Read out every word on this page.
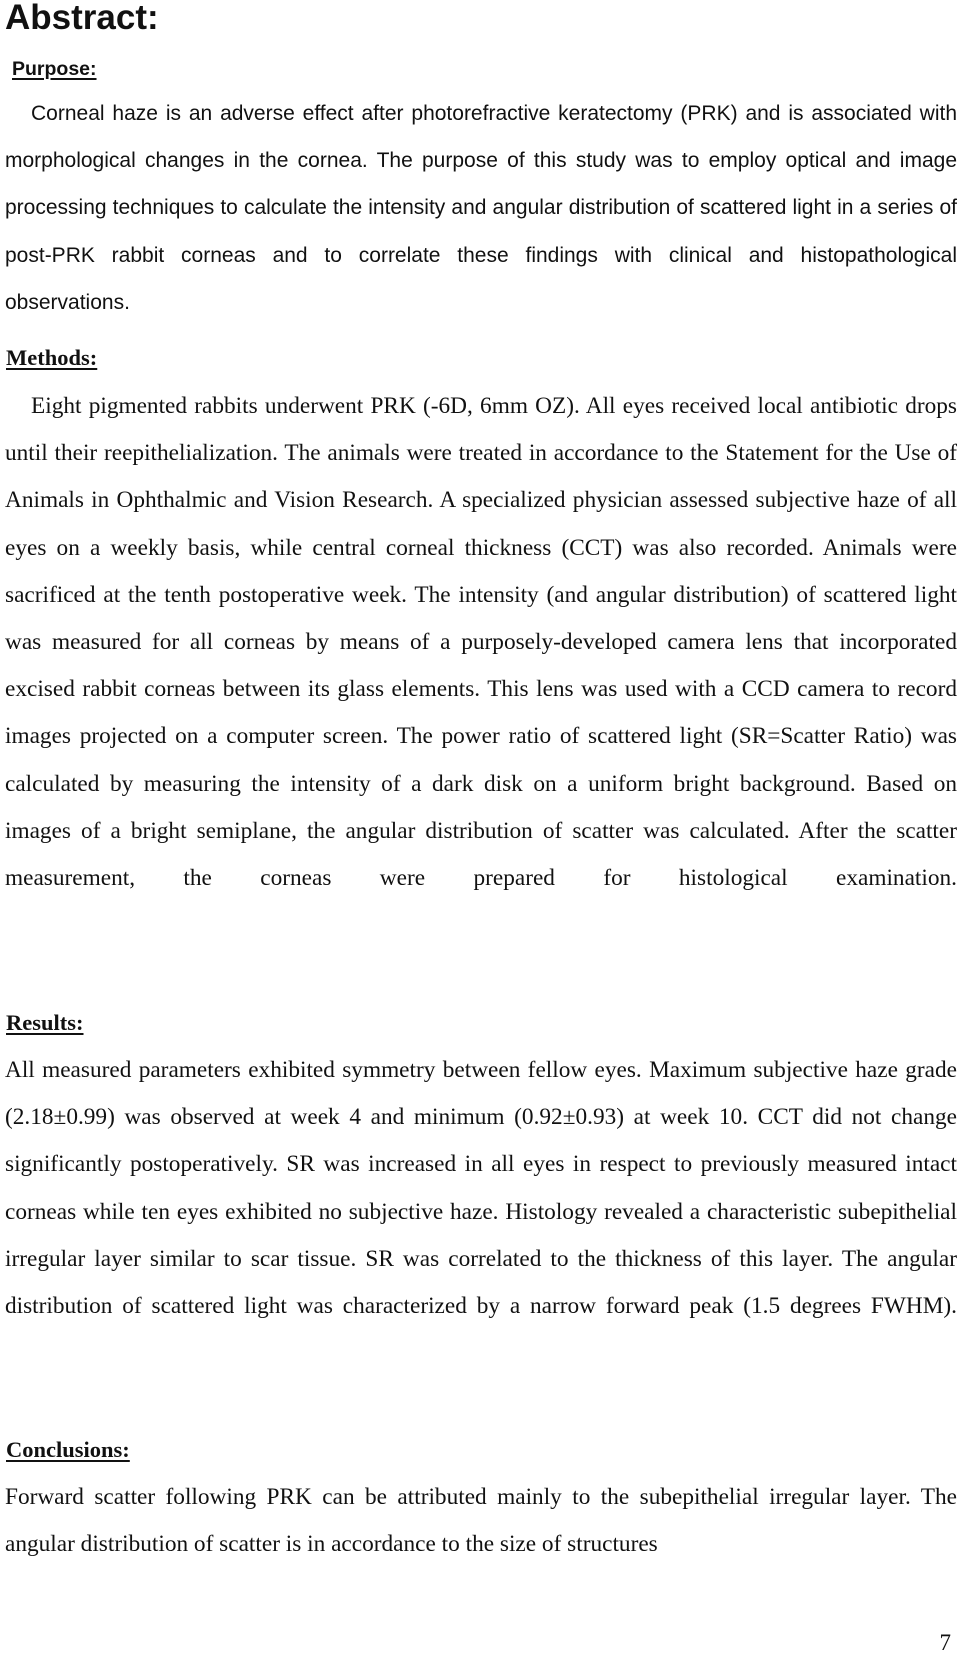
Abstract:
Purpose:

Corneal haze is an adverse effect after photorefractive keratectomy (PRK) and is associated with morphological changes in the cornea. The purpose of this study was to employ optical and image processing techniques to calculate the intensity and angular distribution of scattered light in a series of post-PRK rabbit corneas and to correlate these findings with clinical and histopathological observations.

Methods:

Eight pigmented rabbits underwent PRK (-6D, 6mm OZ). All eyes received local antibiotic drops until their reepithelialization. The animals were treated in accordance to the Statement for the Use of Animals in Ophthalmic and Vision Research. A specialized physician assessed subjective haze of all eyes on a weekly basis, while central corneal thickness (CCT) was also recorded. Animals were sacrificed at the tenth postoperative week. The intensity (and angular distribution) of scattered light was measured for all corneas by means of a purposely-developed camera lens that incorporated excised rabbit corneas between its glass elements. This lens was used with a CCD camera to record images projected on a computer screen. The power ratio of scattered light (SR=Scatter Ratio) was calculated by measuring the intensity of a dark disk on a uniform bright background. Based on images of a bright semiplane, the angular distribution of scatter was calculated. After the scatter measurement, the corneas were prepared for histological examination.

Results:

All measured parameters exhibited symmetry between fellow eyes. Maximum subjective haze grade (2.18±0.99) was observed at week 4 and minimum (0.92±0.93) at week 10. CCT did not change significantly postoperatively. SR was increased in all eyes in respect to previously measured intact corneas while ten eyes exhibited no subjective haze. Histology revealed a characteristic subepithelial irregular layer similar to scar tissue. SR was correlated to the thickness of this layer. The angular distribution of scattered light was characterized by a narrow forward peak (1.5 degrees FWHM).

Conclusions:

Forward scatter following PRK can be attributed mainly to the subepithelial irregular layer. The angular distribution of scatter is in accordance to the size of structures

7
